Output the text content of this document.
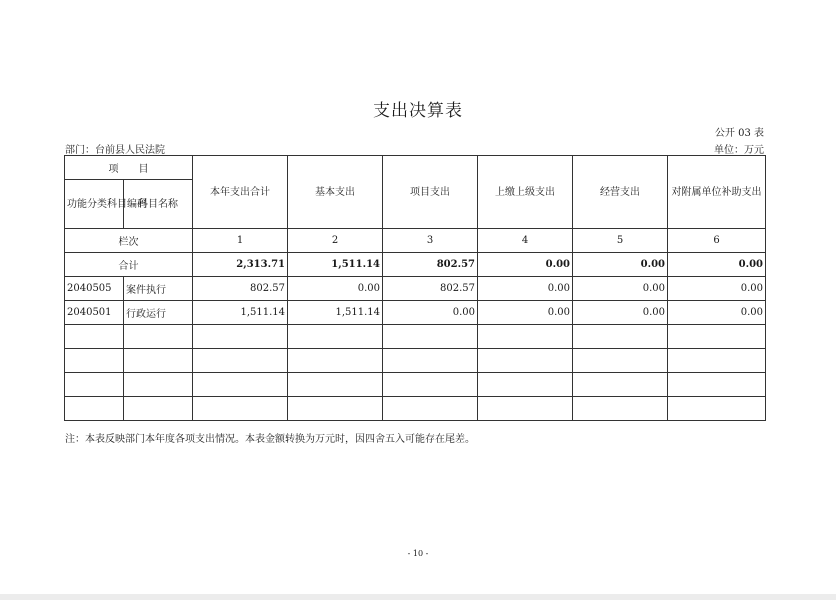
支出决算表
公开 03 表
部门：台前县人民法院	单位：万元
项　　目		本年支出合计	基本支出	项目支出	上缴上级支出	经营支出	对附属单位补助支出
功能分类科目编码	科目名称						
栏次		1	2	3	4	5	6
合计		2,313.71	1,511.14	802.57	0.00	0.00	0.00
2040505	案件执行	802.57	0.00	802.57	0.00	0.00	0.00
2040501	行政运行	1,511.14	1,511.14	0.00	0.00	0.00	0.00

注：本表反映部门本年度各项支出情况。本表金额转换为万元时，因四舍五入可能存在尾差。
- 10 -
